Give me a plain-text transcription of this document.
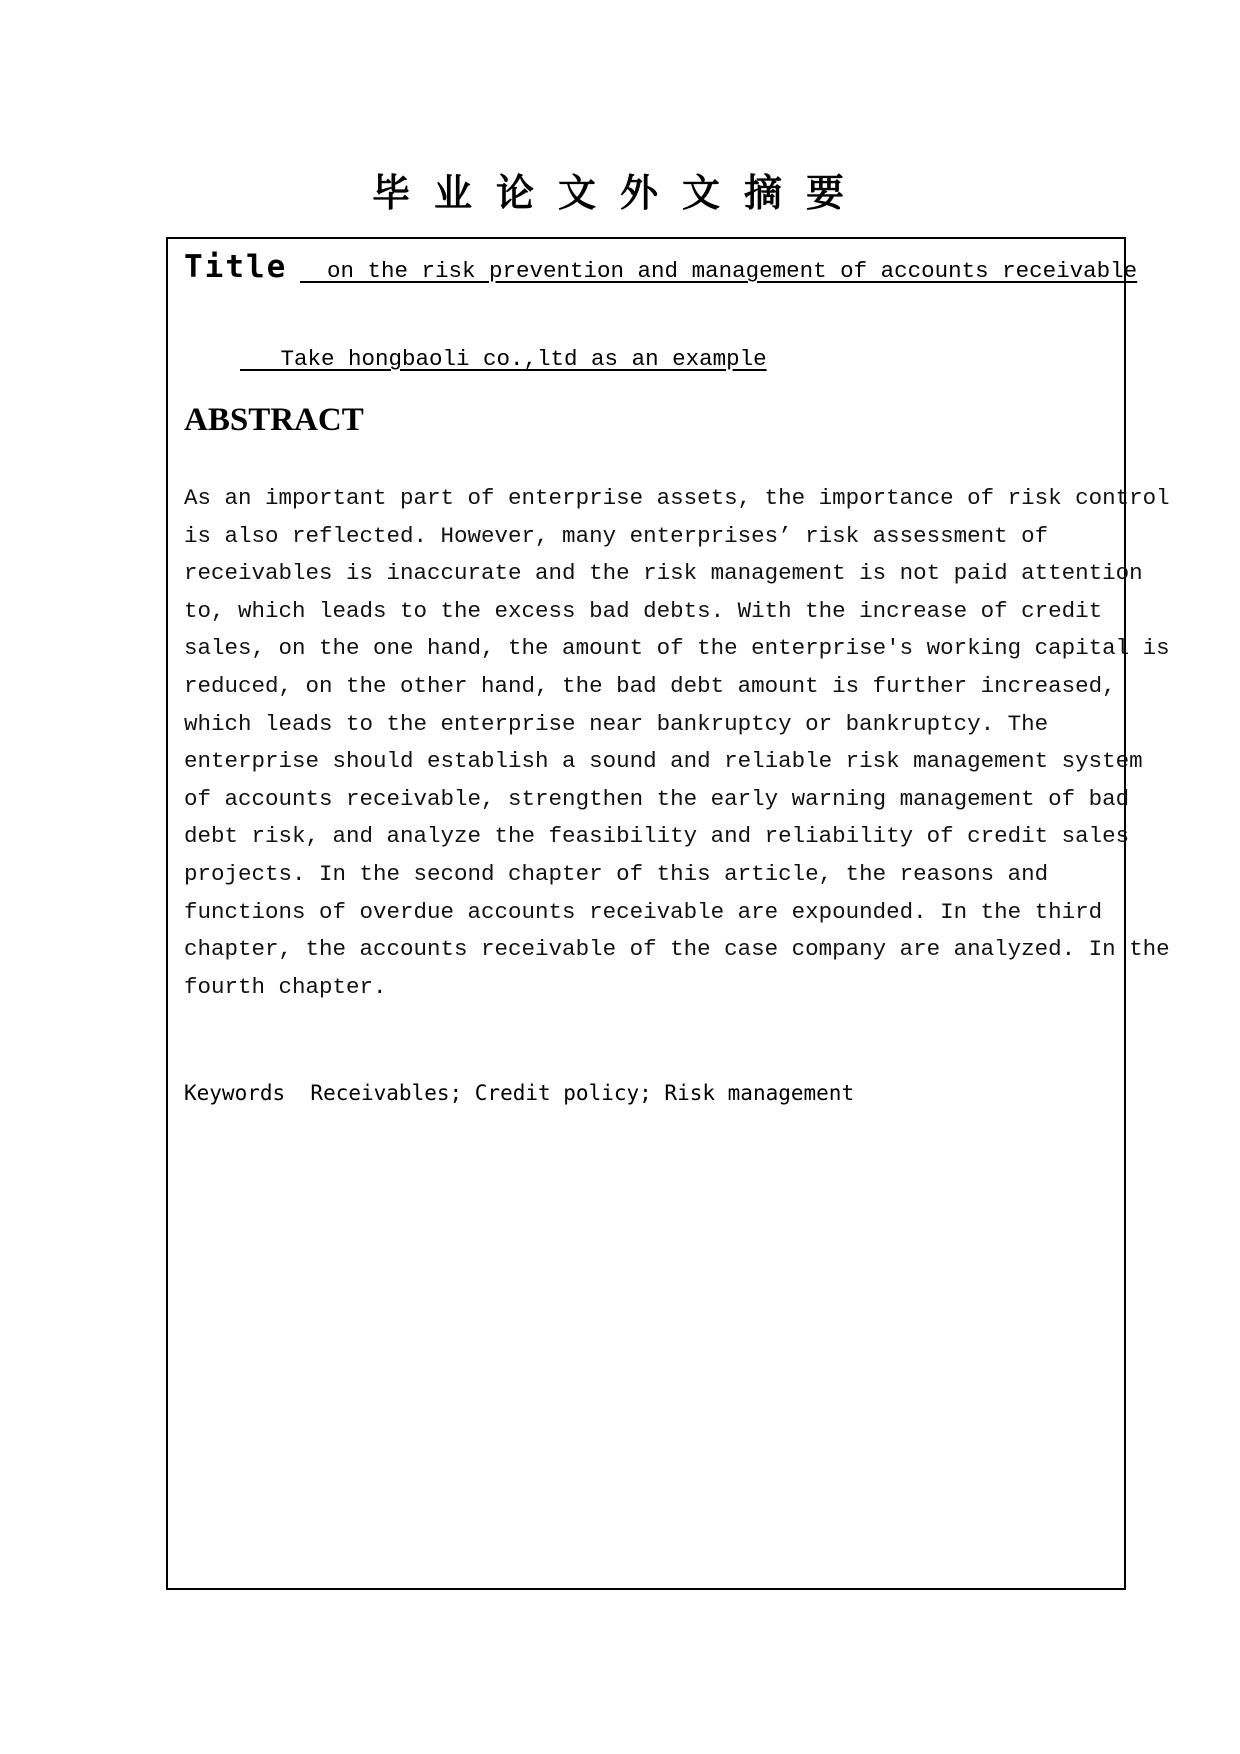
毕业论文外文摘要
Title on the risk prevention and management of accounts receivable
Take hongbaoli co.,ltd as an example
ABSTRACT
As an important part of enterprise assets, the importance of risk control
is also reflected. However, many enterprises’ risk assessment of
receivables is inaccurate and the risk management is not paid attention
to, which leads to the excess bad debts. With the increase of credit
sales, on the one hand, the amount of the enterprise's working capital is
reduced, on the other hand, the bad debt amount is further increased,
which leads to the enterprise near bankruptcy or bankruptcy. The
enterprise should establish a sound and reliable risk management system
of accounts receivable, strengthen the early warning management of bad
debt risk, and analyze the feasibility and reliability of credit sales
projects. In the second chapter of this article, the reasons and
functions of overdue accounts receivable are expounded. In the third
chapter, the accounts receivable of the case company are analyzed. In the
fourth chapter.
Keywords  Receivables; Credit policy; Risk management
